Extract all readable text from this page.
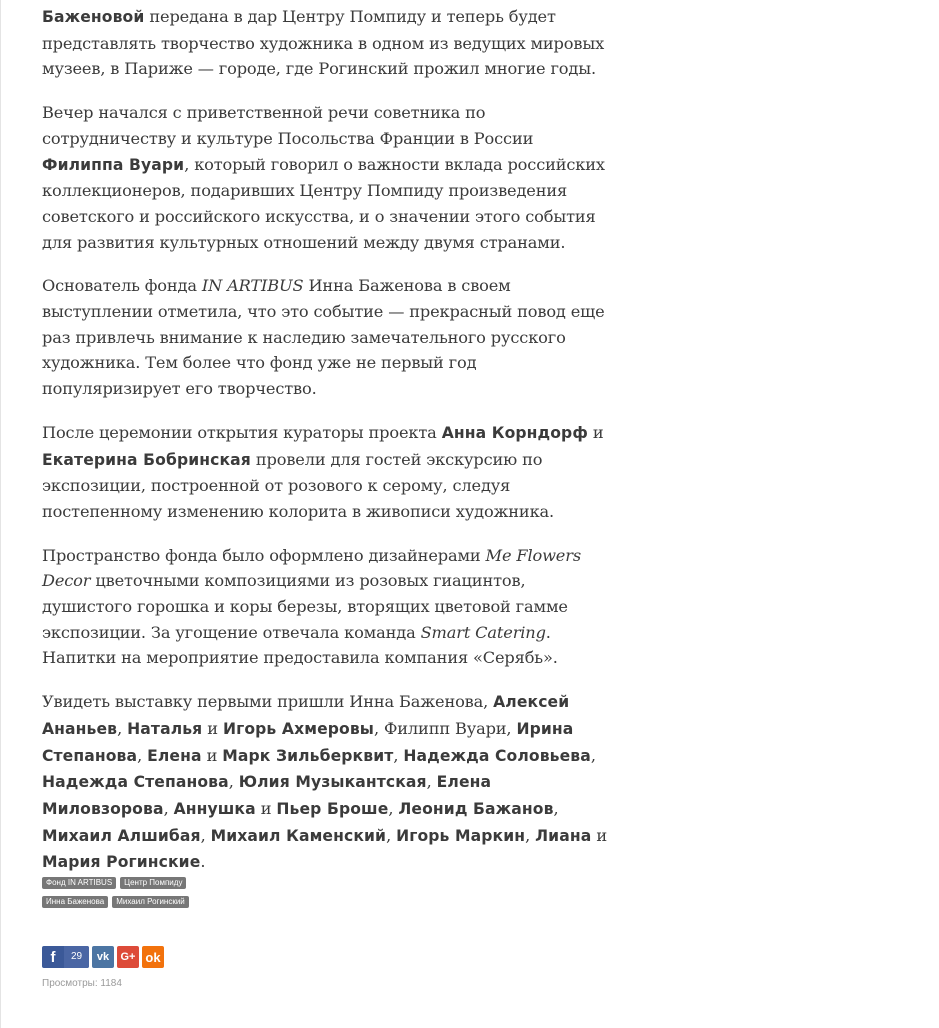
Баженовой передана в дар Центру Помпиду и теперь будет представлять творчество художника в одном из ведущих мировых музеев, в Париже — городе, где Рогинский прожил многие годы.

Вечер начался с приветственной речи советника по сотрудничеству и культуре Посольства Франции в России Филиппа Вуари, который говорил о важности вклада российских коллекционеров, подаривших Центру Помпиду произведения советского и российского искусства, и о значении этого события для развития культурных отношений между двумя странами.

Основатель фонда IN ARTIBUS Инна Баженова в своем выступлении отметила, что это событие — прекрасный повод еще раз привлечь внимание к наследию замечательного русского художника. Тем более что фонд уже не первый год популяризирует его творчество.

После церемонии открытия кураторы проекта Анна Корндорф и Екатерина Бобринская провели для гостей экскурсию по экспозиции, построенной от розового к серому, следуя постепенному изменению колорита в живописи художника.

Пространство фонда было оформлено дизайнерами Me Flowers Decor цветочными композициями из розовых гиацинтов, душистого горошка и коры березы, вторящих цветовой гамме экспозиции. За угощение отвечала команда Smart Catering. Напитки на мероприятие предоставила компания «Серябь».

Увидеть выставку первыми пришли Инна Баженова, Алексей Ананьев, Наталья и Игорь Ахмеровы, Филипп Вуари, Ирина Степанова, Елена и Марк Зильберквит, Надежда Соловьева, Надежда Степанова, Юлия Музыкантская, Елена Миловзорова, Аннушка и Пьер Броше, Леонид Бажанов, Михаил Алшибая, Михаил Каменский, Игорь Маркин, Лиана и Мария Рогинские.

Фонд IN ARTIBUS	Центр Помпиду
Инна Баженова	Михаил Рогинский
f	29	vk G+ ok
Просмотры: 1184
